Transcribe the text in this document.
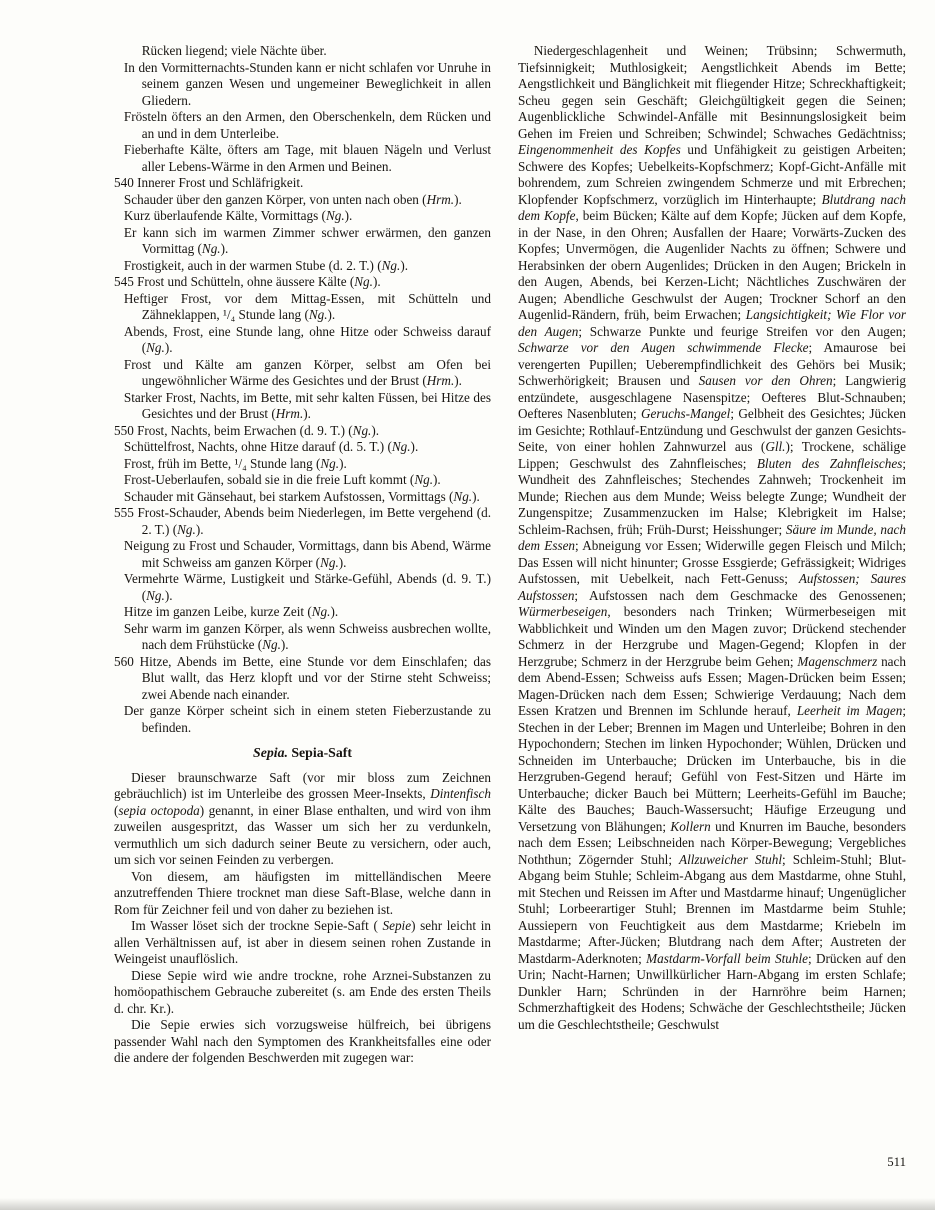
Rücken liegend; viele Nächte über.
In den Vormitternachts-Stunden kann er nicht schlafen vor Unruhe in seinem ganzen Wesen und ungemeiner Beweglichkeit in allen Gliedern.
Frösteln öfters an den Armen, den Oberschenkeln, dem Rücken und an und in dem Unterleibe.
Fieberhafte Kälte, öfters am Tage, mit blauen Nägeln und Verlust aller Lebens-Wärme in den Armen und Beinen.
540 Innerer Frost und Schläfrigkeit.
Schauder über den ganzen Körper, von unten nach oben (Hrm.).
Kurz überlaufende Kälte, Vormittags (Ng.).
Er kann sich im warmen Zimmer schwer erwärmen, den ganzen Vormittag (Ng.).
Frostigkeit, auch in der warmen Stube (d. 2. T.) (Ng.).
545 Frost und Schütteln, ohne äussere Kälte (Ng.).
Heftiger Frost, vor dem Mittag-Essen, mit Schütteln und Zähneklappen, ¹/₄ Stunde lang (Ng.).
Abends, Frost, eine Stunde lang, ohne Hitze oder Schweiss darauf (Ng.).
Frost und Kälte am ganzen Körper, selbst am Ofen bei ungewöhnlicher Wärme des Gesichtes und der Brust (Hrm.).
Starker Frost, Nachts, im Bette, mit sehr kalten Füssen, bei Hitze des Gesichtes und der Brust (Hrm.).
550 Frost, Nachts, beim Erwachen (d. 9. T.) (Ng.).
Schüttelfrost, Nachts, ohne Hitze darauf (d. 5. T.) (Ng.).
Frost, früh im Bette, ¹/₄ Stunde lang (Ng.).
Frost-Ueberlaufen, sobald sie in die freie Luft kommt (Ng.).
Schauder mit Gänsehaut, bei starkem Aufstossen, Vormittags (Ng.).
555 Frost-Schauder, Abends beim Niederlegen, im Bette vergehend (d. 2. T.) (Ng.).
Neigung zu Frost und Schauder, Vormittags, dann bis Abend, Wärme mit Schweiss am ganzen Körper (Ng.).
Vermehrte Wärme, Lustigkeit und Stärke-Gefühl, Abends (d. 9. T.) (Ng.).
Hitze im ganzen Leibe, kurze Zeit (Ng.).
Sehr warm im ganzen Körper, als wenn Schweiss ausbrechen wollte, nach dem Frühstücke (Ng.).
560 Hitze, Abends im Bette, eine Stunde vor dem Einschlafen; das Blut wallt, das Herz klopft und vor der Stirne steht Schweiss; zwei Abende nach einander.
Der ganze Körper scheint sich in einem steten Fieberzustande zu befinden.
Sepia. Sepia-Saft
Dieser braunschwarze Saft (vor mir bloss zum Zeichnen gebräuchlich) ist im Unterleibe des grossen Meer-Insekts, Dintenfisch (sepia octopoda) genannt, in einer Blase enthalten, und wird von ihm zuweilen ausgespritzt, das Wasser um sich her zu verdunkeln, vermuthlich um sich dadurch seiner Beute zu versichern, oder auch, um sich vor seinen Feinden zu verbergen.
Von diesem, am häufigsten im mittelländischen Meere anzutreffenden Thiere trocknet man diese Saft-Blase, welche dann in Rom für Zeichner feil und von daher zu beziehen ist.
Im Wasser löset sich der trockne Sepie-Saft ( Sepie) sehr leicht in allen Verhältnissen auf, ist aber in diesem seinen rohen Zustande in Weingeist unauflöslich.
Diese Sepie wird wie andre trockne, rohe Arznei-Substanzen zu homöopathischem Gebrauche zubereitet (s. am Ende des ersten Theils d. chr. Kr.).
Die Sepie erwies sich vorzugsweise hülfreich, bei übrigens passender Wahl nach den Symptomen des Krankheitsfalles eine oder die andere der folgenden Beschwerden mit zugegen war:
Niedergeschlagenheit und Weinen; Trübsinn; Schwermuth, Tiefsinnigkeit; Muthlosigkeit; Aengstlichkeit Abends im Bette; Aengstlichkeit und Bänglichkeit mit fliegender Hitze; Schreckhaftigkeit; Scheu gegen sein Geschäft; Gleichgültigkeit gegen die Seinen; Augenblickliche Schwindel-Anfälle mit Besinnungslosigkeit beim Gehen im Freien und Schreiben; Schwindel; Schwaches Gedächtniss; Eingenommenheit des Kopfes und Unfähigkeit zu geistigen Arbeiten; Schwere des Kopfes; Uebelkeits-Kopfschmerz; Kopf-Gicht-Anfälle mit bohrendem, zum Schreien zwingendem Schmerze und mit Erbrechen; Klopfender Kopfschmerz, vorzüglich im Hinterhaupte; Blutdrang nach dem Kopfe, beim Bücken; Kälte auf dem Kopfe; Jücken auf dem Kopfe, in der Nase, in den Ohren; Ausfallen der Haare; Vorwärts-Zucken des Kopfes; Unvermögen, die Augenlider Nachts zu öffnen; Schwere und Herabsinken der obern Augenlides; Drücken in den Augen; Brickeln in den Augen, Abends, bei Kerzen-Licht; Nächtliches Zuschwären der Augen; Abendliche Geschwulst der Augen; Trockner Schorf an den Augenlid-Rändern, früh, beim Erwachen; Langsichtigkeit; Wie Flor vor den Augen; Schwarze Punkte und feurige Streifen vor den Augen; Schwarze vor den Augen schwimmende Flecke; Amaurose bei verengerten Pupillen; Ueberempfindlichkeit des Gehörs bei Musik; Schwerhörigkeit; Brausen und Sausen vor den Ohren; Langwierig entzündete, ausgeschlagene Nasenspitze; Oefteres Blut-Schnauben; Oefteres Nasenbluten; Geruchs-Mangel; Gelbheit des Gesichtes; Jücken im Gesichte; Rothlauf-Entzündung und Geschwulst der ganzen Gesichts-Seite, von einer hohlen Zahnwurzel aus (Gll.); Trockene, schälige Lippen; Geschwulst des Zahnfleisches; Bluten des Zahnfleisches; Wundheit des Zahnfleisches; Stechendes Zahnweh; Trockenheit im Munde; Riechen aus dem Munde; Weiss belegte Zunge; Wundheit der Zungenspitze; Zusammenzucken im Halse; Klebrigkeit im Halse; Schleim-Rachsen, früh; Früh-Durst; Heisshunger; Säure im Munde, nach dem Essen; Abneigung vor Essen; Widerwille gegen Fleisch und Milch; Das Essen will nicht hinunter; Grosse Essgierde; Gefrässigkeit; Widriges Aufstossen, mit Uebelkeit, nach Fett-Genuss; Aufstossen; Saures Aufstossen; Aufstossen nach dem Geschmacke des Genossenen; Würmerbeseigen, besonders nach Trinken; Würmerbeseigen mit Wabblichkeit und Winden um den Magen zuvor; Drückend stechender Schmerz in der Herzgrube und Magen-Gegend; Klopfen in der Herzgrube; Schmerz in der Herzgrube beim Gehen; Magenschmerz nach dem Abend-Essen; Schweiss aufs Essen; Magen-Drücken beim Essen; Magen-Drücken nach dem Essen; Schwierige Verdauung; Nach dem Essen Kratzen und Brennen im Schlunde herauf, Leerheit im Magen; Stechen in der Leber; Brennen im Magen und Unterleibe; Bohren in den Hypochondern; Stechen im linken Hypochonder; Wühlen, Drücken und Schneiden im Unterbauche; Drücken im Unterbauche, bis in die Herzgruben-Gegend herauf; Gefühl von Fest-Sitzen und Härte im Unterbauche; dicker Bauch bei Müttern; Leerheits-Gefühl im Bauche; Kälte des Bauches; Bauch-Wassersucht; Häufige Erzeugung und Versetzung von Blähungen; Kollern und Knurren im Bauche, besonders nach dem Essen; Leibschneiden nach Körper-Bewegung; Vergebliches Noththun; Zögernder Stuhl; Allzuweicher Stuhl; Schleim-Stuhl; Blut-Abgang beim Stuhle; Schleim-Abgang aus dem Mastdarme, ohne Stuhl, mit Stechen und Reissen im After und Mastdarme hinauf; Ungenüglicher Stuhl; Lorbeerartiger Stuhl; Brennen im Mastdarme beim Stuhle; Aussiepern von Feuchtigkeit aus dem Mastdarme; Kriebeln im Mastdarme; After-Jücken; Blutdrang nach dem After; Austreten der Mastdarm-Aderknoten; Mastdarm-Vorfall beim Stuhle; Drücken auf den Urin; Nacht-Harnen; Unwillkürlicher Harn-Abgang im ersten Schlafe; Dunkler Harn; Schründen in der Harnröhre beim Harnen; Schmerzhaftigkeit des Hodens; Schwäche der Geschlechtstheile; Jücken um die Geschlechtstheile; Geschwulst
511
